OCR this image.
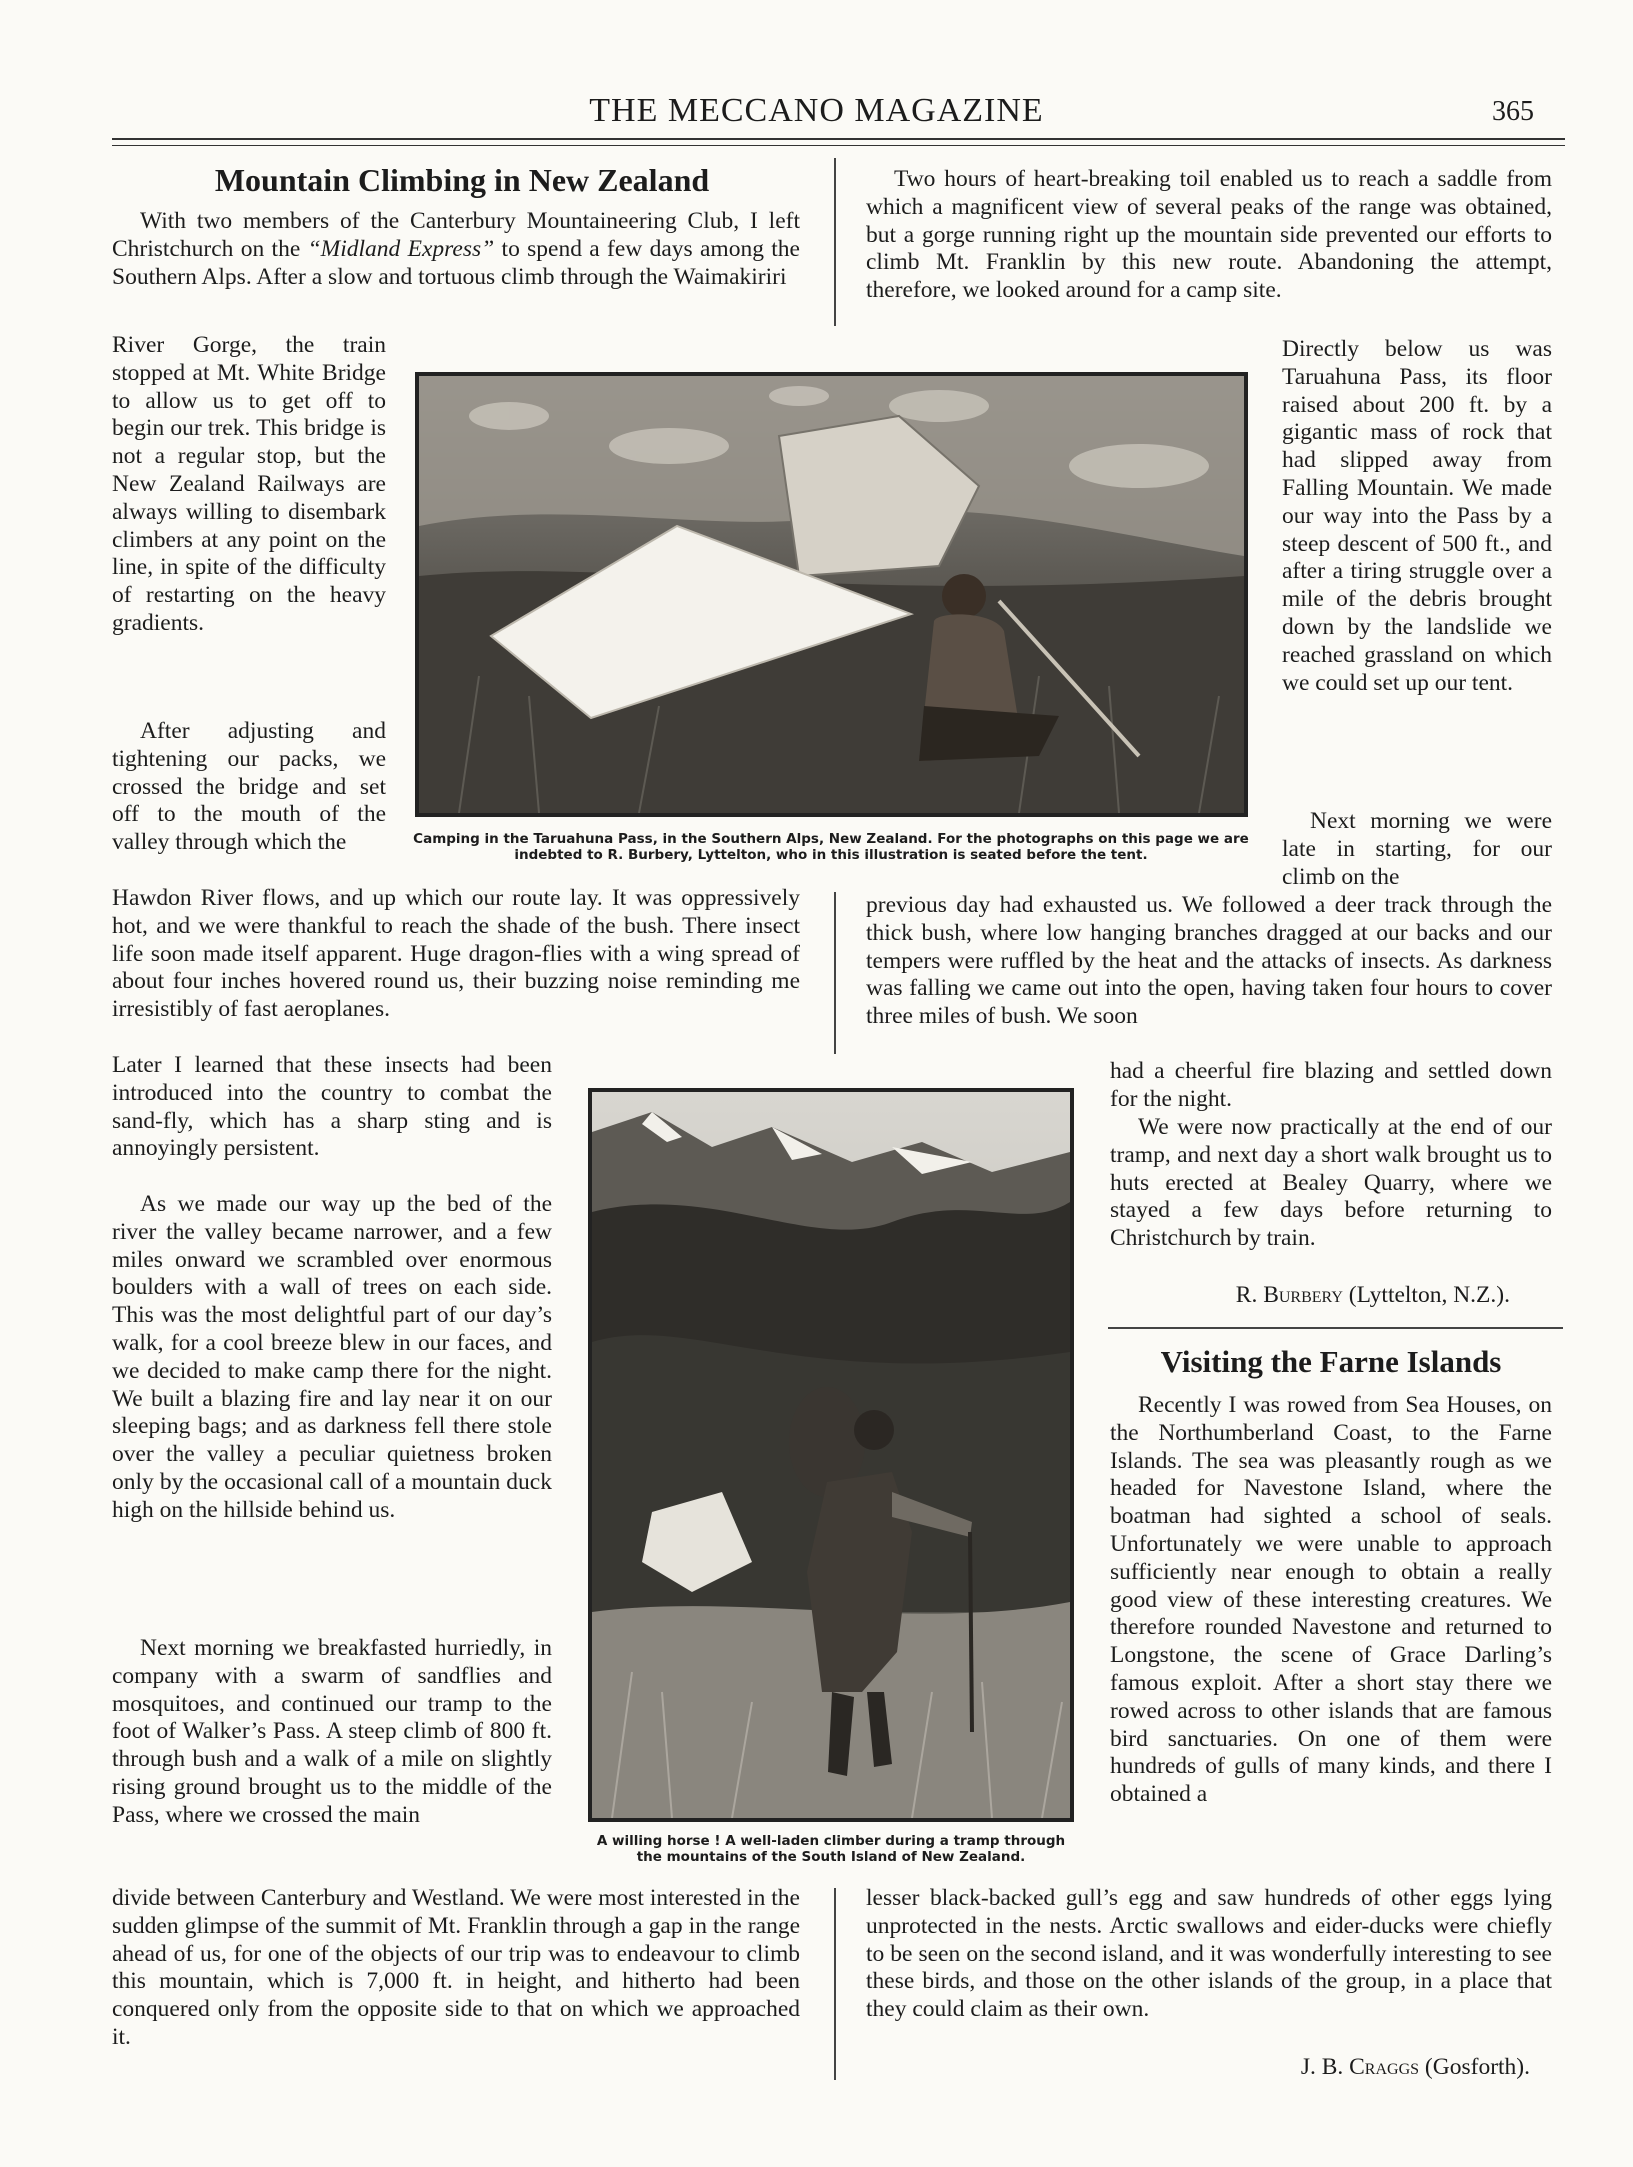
THE MECCANO MAGAZINE	365
Mountain Climbing in New Zealand

With two members of the Canterbury Mountaineering Club, I left Christchurch on the “Midland Express” to spend a few days among the Southern Alps. After a slow and tortuous climb through the Waimakiriri

River Gorge, the train stopped at Mt. White Bridge to allow us to get off to begin our trek. This bridge is not a regular stop, but the New Zealand Railways are always willing to disembark climbers at any point on the line, in spite of the difficulty of restarting on the heavy gradients.

After adjusting and tightening our packs, we crossed the bridge and set off to the mouth of the valley through which the

Hawdon River flows, and up which our route lay. It was oppressively hot, and we were thankful to reach the shade of the bush. There insect life soon made itself apparent. Huge dragon-flies with a wing spread of about four inches hovered round us, their buzzing noise reminding me irresistibly of fast aeroplanes.

Later I learned that these insects had been introduced into the country to combat the sand-fly, which has a sharp sting and is annoyingly persistent.

As we made our way up the bed of the river the valley became narrower, and a few miles onward we scrambled over enormous boulders with a wall of trees on each side. This was the most delightful part of our day’s walk, for a cool breeze blew in our faces, and we decided to make camp there for the night. We built a blazing fire and lay near it on our sleeping bags; and as darkness fell there stole over the valley a peculiar quietness broken only by the occasional call of a mountain duck high on the hillside behind us.

Next morning we breakfasted hurriedly, in company with a swarm of sandflies and mosquitoes, and continued our tramp to the foot of Walker’s Pass. A steep climb of 800 ft. through bush and a walk of a mile on slightly rising ground brought us to the middle of the Pass, where we crossed the main

divide between Canterbury and Westland. We were most interested in the sudden glimpse of the summit of Mt. Franklin through a gap in the range ahead of us, for one of the objects of our trip was to endeavour to climb this mountain, which is 7,000 ft. in height, and hitherto had been conquered only from the opposite side to that on which we approached it.

Two hours of heart-breaking toil enabled us to reach a saddle from which a magnificent view of several peaks of the range was obtained, but a gorge running right up the mountain side prevented our efforts to climb Mt. Franklin by this new route. Abandoning the attempt, therefore, we looked around for a camp site.

Directly below us was Taruahuna Pass, its floor raised about 200 ft. by a gigantic mass of rock that had slipped away from Falling Mountain. We made our way into the Pass by a steep descent of 500 ft., and after a tiring struggle over a mile of the debris brought down by the landslide we reached grassland on which we could set up our tent.

Next morning we were late in starting, for our climb on the

previous day had exhausted us. We followed a deer track through the thick bush, where low hanging branches dragged at our backs and our tempers were ruffled by the heat and the attacks of insects. As darkness was falling we came out into the open, having taken four hours to cover three miles of bush. We soon

had a cheerful fire blazing and settled down for the night.

We were now practically at the end of our tramp, and next day a short walk brought us to huts erected at Bealey Quarry, where we stayed a few days before returning to Christchurch by train.

R. Burbery (Lyttelton, N.Z.).
Visiting the Farne Islands

Recently I was rowed from Sea Houses, on the Northumberland Coast, to the Farne Islands. The sea was pleasantly rough as we headed for Navestone Island, where the boatman had sighted a school of seals. Unfortunately we were unable to approach sufficiently near enough to obtain a really good view of these interesting creatures. We therefore rounded Navestone and returned to Longstone, the scene of Grace Darling’s famous exploit. After a short stay there we rowed across to other islands that are famous bird sanctuaries. On one of them were hundreds of gulls of many kinds, and there I obtained a

lesser black-backed gull’s egg and saw hundreds of other eggs lying unprotected in the nests. Arctic swallows and eider-ducks were chiefly to be seen on the second island, and it was wonderfully interesting to see these birds, and those on the other islands of the group, in a place that they could claim as their own.

J. B. Craggs (Gosforth).
Camping in the Taruahuna Pass, in the Southern Alps, New Zealand. For the photographs on this page we are indebted to R. Burbery, Lyttelton, who in this illustration is seated before the tent.
A willing horse ! A well-laden climber during a tramp through the mountains of the South Island of New Zealand.
